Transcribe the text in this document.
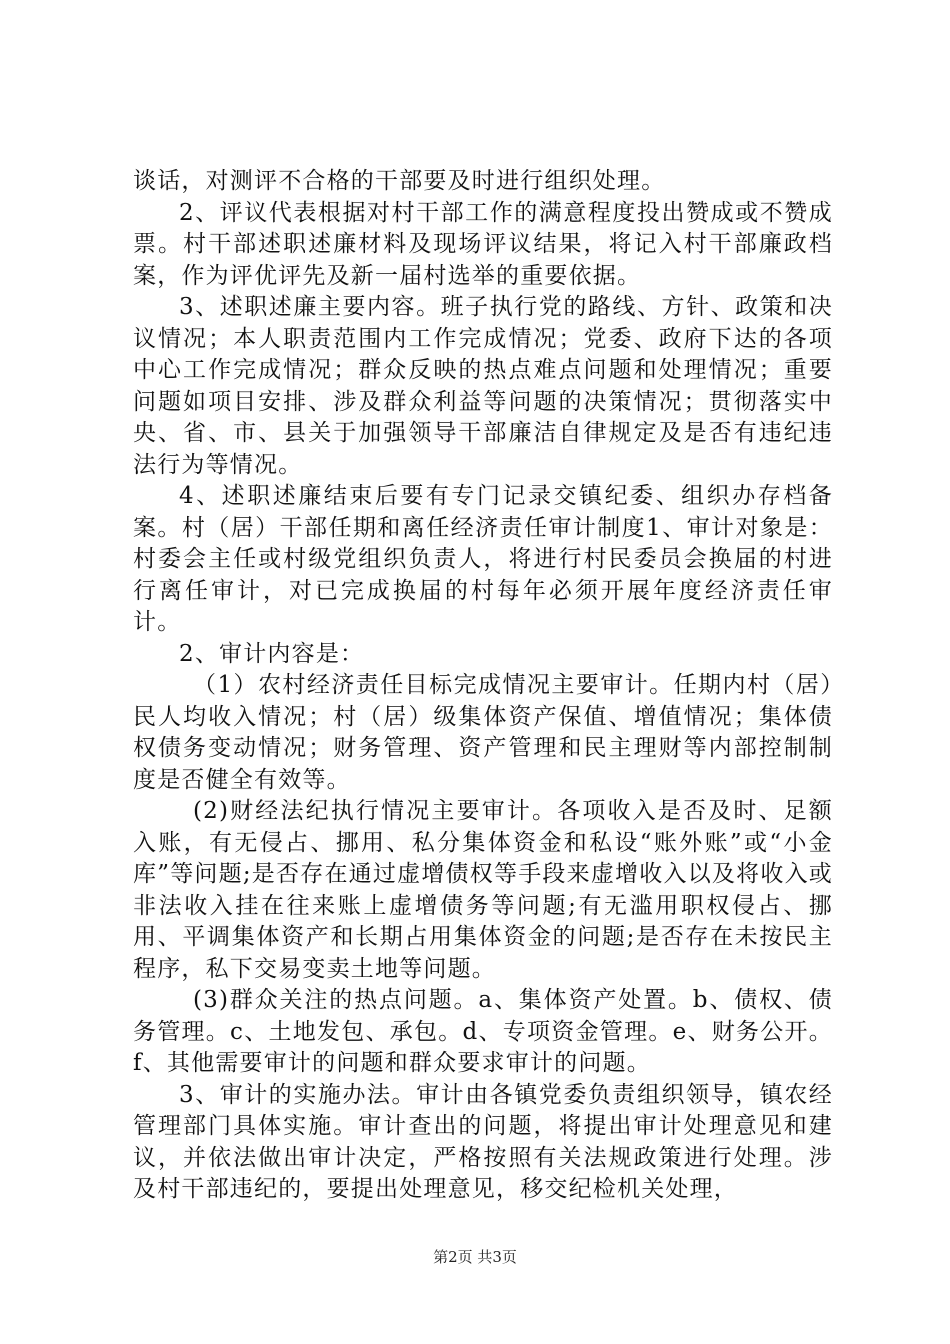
谈话，对测评不合格的干部要及时进行组织处理。

2、评议代表根据对村干部工作的满意程度投出赞成或不赞成票。村干部述职述廉材料及现场评议结果，将记入村干部廉政档案，作为评优评先及新一届村选举的重要依据。

3、述职述廉主要内容。班子执行党的路线、方针、政策和决议情况；本人职责范围内工作完成情况；党委、政府下达的各项中心工作完成情况；群众反映的热点难点问题和处理情况；重要问题如项目安排、涉及群众利益等问题的决策情况；贯彻落实中央、省、市、县关于加强领导干部廉洁自律规定及是否有违纪违法行为等情况。

4、述职述廉结束后要有专门记录交镇纪委、组织办存档备案。村（居）干部任期和离任经济责任审计制度1、审计对象是：村委会主任或村级党组织负责人，将进行村民委员会换届的村进行离任审计，对已完成换届的村每年必须开展年度经济责任审计。

2、审计内容是：

（1）农村经济责任目标完成情况主要审计。任期内村（居）民人均收入情况；村（居）级集体资产保值、增值情况；集体债权债务变动情况；财务管理、资产管理和民主理财等内部控制制度是否健全有效等。

(2)财经法纪执行情况主要审计。各项收入是否及时、足额入账，有无侵占、挪用、私分集体资金和私设“账外账”或“小金库”等问题;是否存在通过虚增债权等手段来虚增收入以及将收入或非法收入挂在往来账上虚增债务等问题;有无滥用职权侵占、挪用、平调集体资产和长期占用集体资金的问题;是否存在未按民主程序，私下交易变卖土地等问题。

(3)群众关注的热点问题。a、集体资产处置。b、债权、债务管理。c、土地发包、承包。d、专项资金管理。e、财务公开。f、其他需要审计的问题和群众要求审计的问题。

3、审计的实施办法。审计由各镇党委负责组织领导，镇农经管理部门具体实施。审计查出的问题，将提出审计处理意见和建议，并依法做出审计决定，严格按照有关法规政策进行处理。涉及村干部违纪的，要提出处理意见，移交纪检机关处理，

第2页 共3页
